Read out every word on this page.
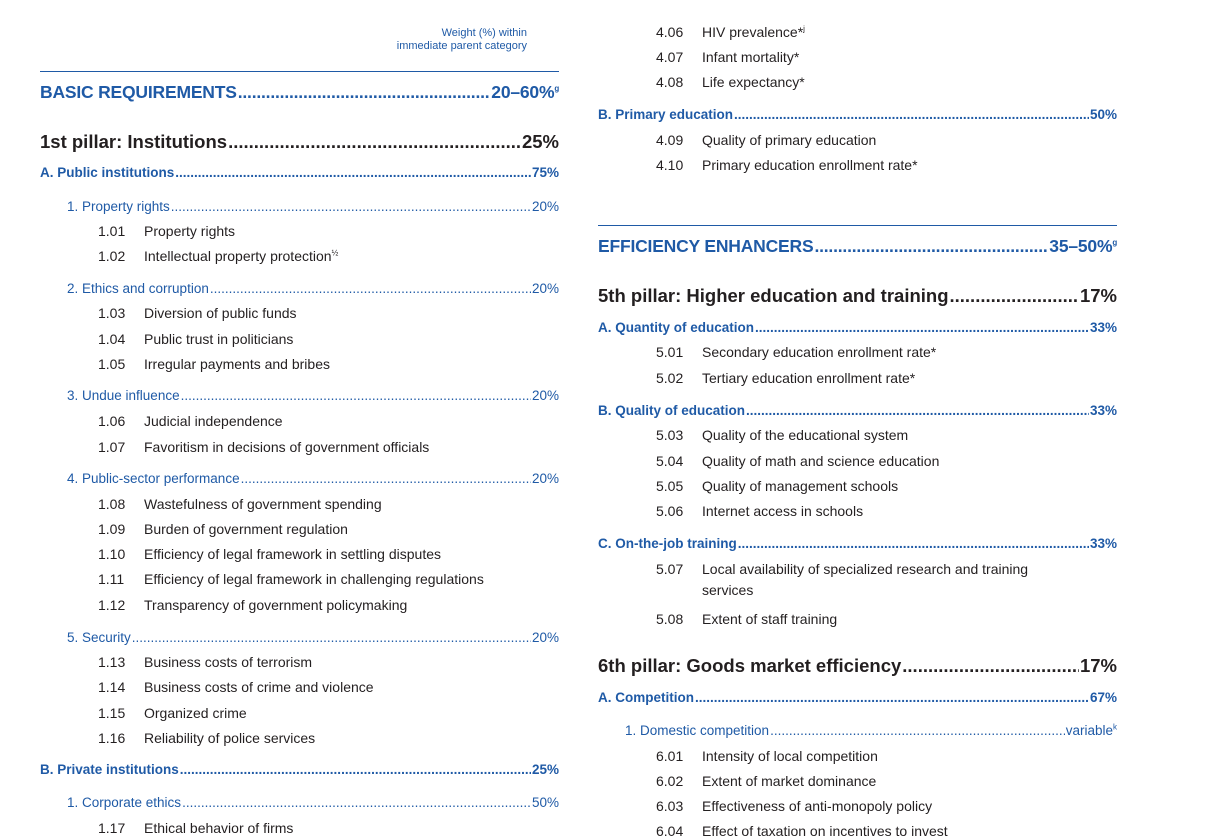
Weight (%) within
immediate parent category
BASIC REQUIREMENTS .....	20–60%$^g$
1st pillar: Institutions .....	25%
A. Public institutions .....	75%
1. Property rights .....	20%
1.01 Property rights
1.02 Intellectual property protection$^{\frac{1}{2}}$
2. Ethics and corruption .....	20%
1.03 Diversion of public funds
1.04 Public trust in politicians
1.05 Irregular payments and bribes
3. Undue influence .....	20%
1.06 Judicial independence
1.07 Favoritism in decisions of government officials
4. Public-sector performance .....	20%
1.08 Wastefulness of government spending
1.09 Burden of government regulation
1.10 Efficiency of legal framework in settling disputes
1.11 Efficiency of legal framework in challenging regulations
1.12 Transparency of government policymaking
5. Security .....	20%
1.13 Business costs of terrorism
1.14 Business costs of crime and violence
1.15 Organized crime
1.16 Reliability of police services
B. Private institutions .....	25%
1. Corporate ethics .....	50%
1.17 Ethical behavior of firms
4.06 HIV prevalence*$^j$
4.07 Infant mortality*
4.08 Life expectancy*
B. Primary education .....	50%
4.09 Quality of primary education
4.10 Primary education enrollment rate*
EFFICIENCY ENHANCERS .....	35–50%$^g$
5th pillar: Higher education and training .....	17%
A. Quantity of education .....	33%
5.01 Secondary education enrollment rate*
5.02 Tertiary education enrollment rate*
B. Quality of education .....	33%
5.03 Quality of the educational system
5.04 Quality of math and science education
5.05 Quality of management schools
5.06 Internet access in schools
C. On-the-job training .....	33%
5.07 Local availability of specialized research and training
services
5.08 Extent of staff training
6th pillar: Goods market efficiency .....	17%
A. Competition .....	67%
1. Domestic competition .....	variable$^k$
6.01 Intensity of local competition
6.02 Extent of market dominance
6.03 Effectiveness of anti-monopoly policy
6.04 Effect of taxation on incentives to invest
